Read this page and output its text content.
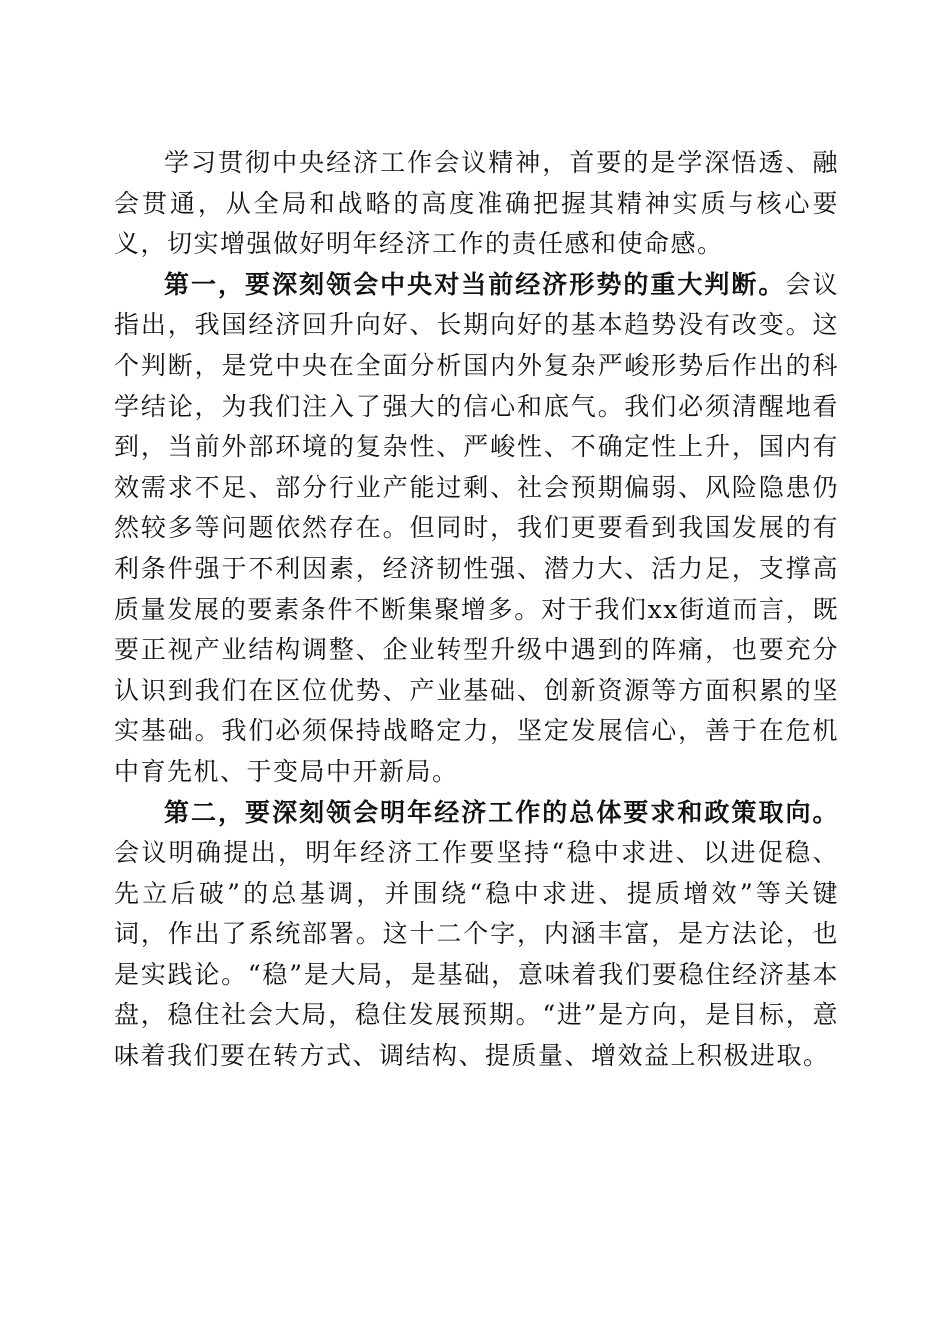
学习贯彻中央经济工作会议精神，首要的是学深悟透、融会贯通，从全局和战略的高度准确把握其精神实质与核心要义，切实增强做好明年经济工作的责任感和使命感。

第一，要深刻领会中央对当前经济形势的重大判断。会议指出，我国经济回升向好、长期向好的基本趋势没有改变。这个判断，是党中央在全面分析国内外复杂严峻形势后作出的科学结论，为我们注入了强大的信心和底气。我们必须清醒地看到，当前外部环境的复杂性、严峻性、不确定性上升，国内有效需求不足、部分行业产能过剩、社会预期偏弱、风险隐患仍然较多等问题依然存在。但同时，我们更要看到我国发展的有利条件强于不利因素，经济韧性强、潜力大、活力足，支撑高质量发展的要素条件不断集聚增多。对于我们xx街道而言，既要正视产业结构调整、企业转型升级中遇到的阵痛，也要充分认识到我们在区位优势、产业基础、创新资源等方面积累的坚实基础。我们必须保持战略定力，坚定发展信心，善于在危机中育先机、于变局中开新局。

第二，要深刻领会明年经济工作的总体要求和政策取向。会议明确提出，明年经济工作要坚持“稳中求进、以进促稳、先立后破”的总基调，并围绕“稳中求进、提质增效”等关键词，作出了系统部署。这十二个字，内涵丰富，是方法论，也是实践论。“稳”是大局，是基础，意味着我们要稳住经济基本盘，稳住社会大局，稳住发展预期。“进”是方向，是目标，意味着我们要在转方式、调结构、提质量、增效益上积极进取。
